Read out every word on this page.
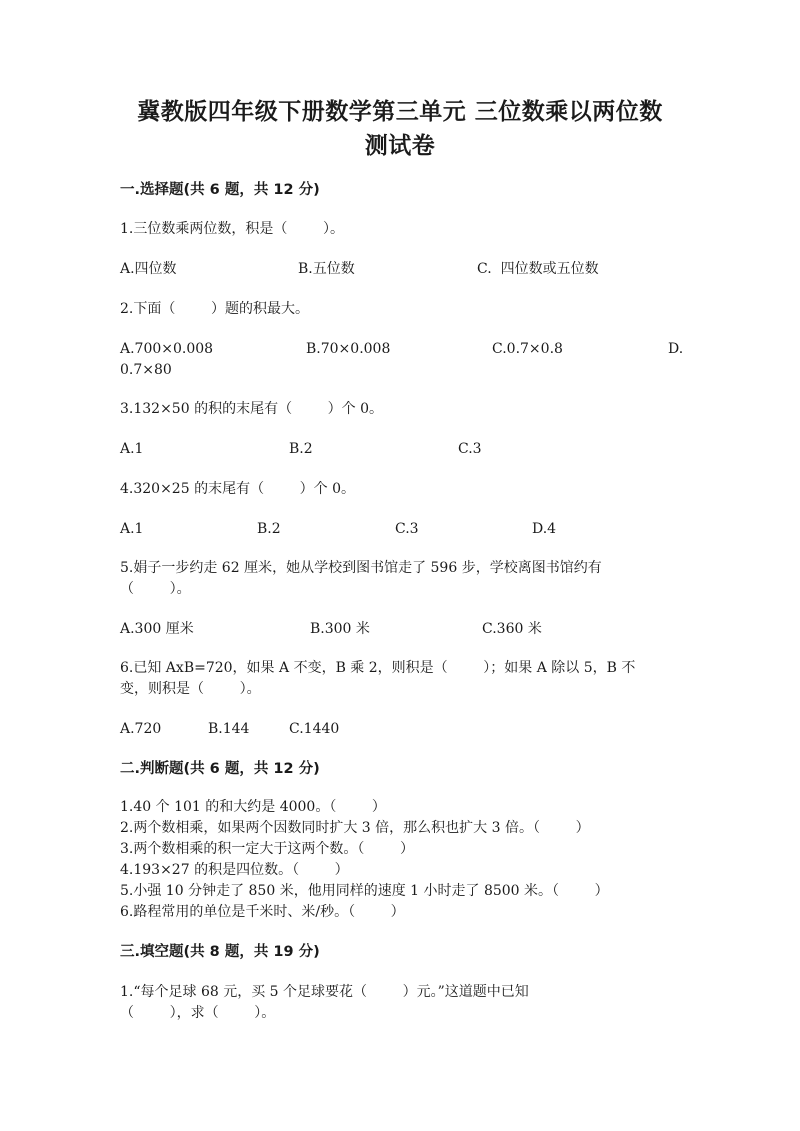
冀教版四年级下册数学第三单元 三位数乘以两位数
测试卷
一.选择题(共 6 题，共 12 分)
1.三位数乘两位数，积是（        ）。
A.四位数	B.五位数	C.  四位数或五位数
2.下面（        ）题的积最大。
A.700×0.008	B.70×0.008	C.0.7×0.8	D.
0.7×80
3.132×50 的积的末尾有（        ）个 0。
A.1	B.2	C.3
4.320×25 的末尾有（        ）个 0。
A.1	B.2	C.3	D.4
5.娟子一步约走 62 厘米，她从学校到图书馆走了 596 步，学校离图书馆约有
（        ）。
A.300 厘米	B.300 米	C.360 米
6.已知 AxB=720，如果 A 不变，B 乘 2，则积是（        ）；如果 A 除以 5，B 不
变，则积是（        ）。
A.720	B.144	C.1440
二.判断题(共 6 题，共 12 分)
1.40 个 101 的和大约是 4000。（        ）
2.两个数相乘，如果两个因数同时扩大 3 倍，那么积也扩大 3 倍。（        ）
3.两个数相乘的积一定大于这两个数。（        ）
4.193×27 的积是四位数。（        ）
5.小强 10 分钟走了 850 米，他用同样的速度 1 小时走了 8500 米。（        ）
6.路程常用的单位是千米时、米/秒。（        ）
三.填空题(共 8 题，共 19 分)
1.“每个足球 68 元，买 5 个足球要花（        ）元。”这道题中已知
（        ），求（        ）。
